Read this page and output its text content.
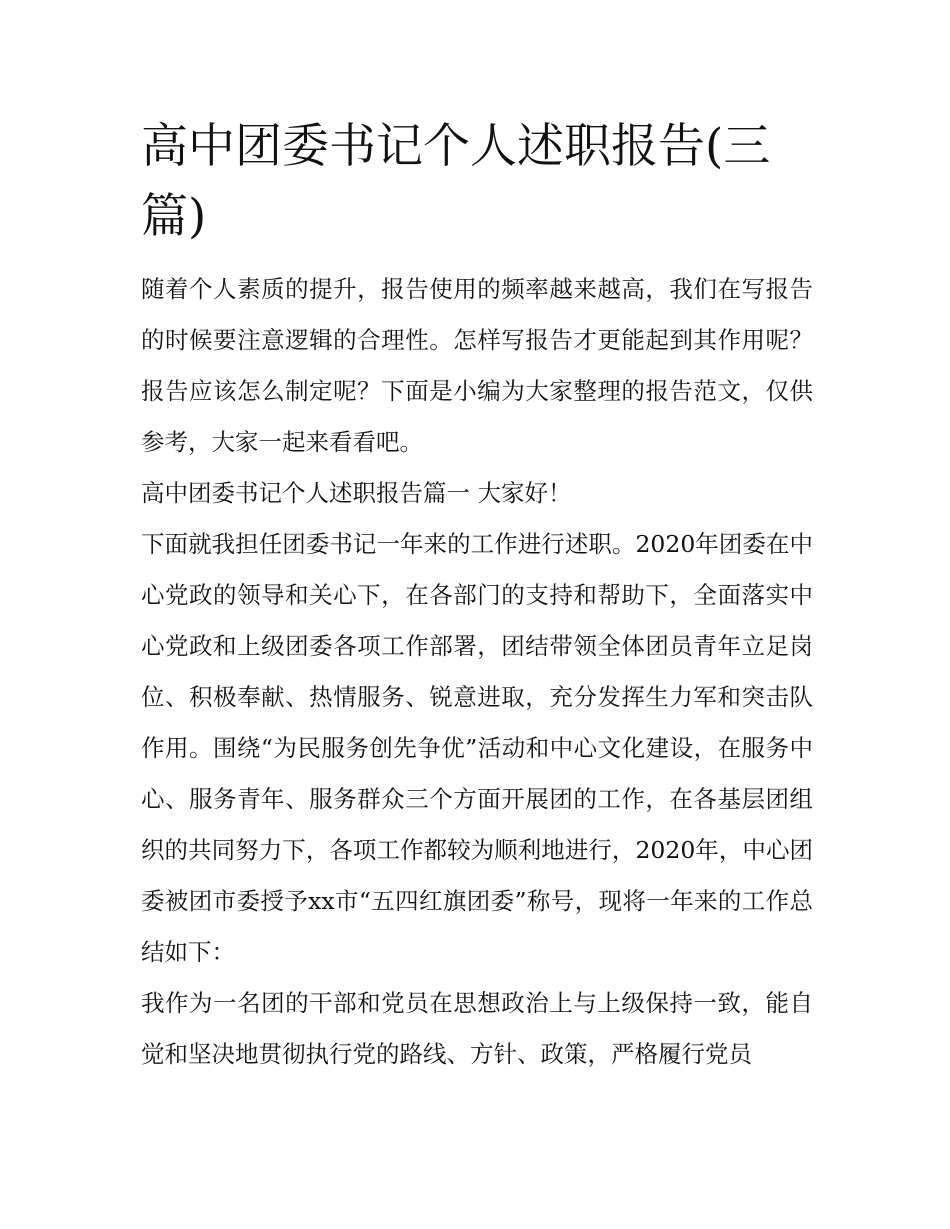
高中团委书记个人述职报告(三篇)

随着个人素质的提升，报告使用的频率越来越高，我们在写报告的时候要注意逻辑的合理性。怎样写报告才更能起到其作用呢？报告应该怎么制定呢？下面是小编为大家整理的报告范文，仅供参考，大家一起来看看吧。

高中团委书记个人述职报告篇一 大家好！

下面就我担任团委书记一年来的工作进行述职。2020年团委在中心党政的领导和关心下，在各部门的支持和帮助下，全面落实中心党政和上级团委各项工作部署，团结带领全体团员青年立足岗位、积极奉献、热情服务、锐意进取，充分发挥生力军和突击队作用。围绕“为民服务创先争优”活动和中心文化建设，在服务中心、服务青年、服务群众三个方面开展团的工作，在各基层团组织的共同努力下，各项工作都较为顺利地进行，2020年，中心团委被团市委授予xx市“五四红旗团委”称号，现将一年来的工作总结如下：

我作为一名团的干部和党员在思想政治上与上级保持一致，能自觉和坚决地贯彻执行党的路线、方针、政策，严格履行党员
